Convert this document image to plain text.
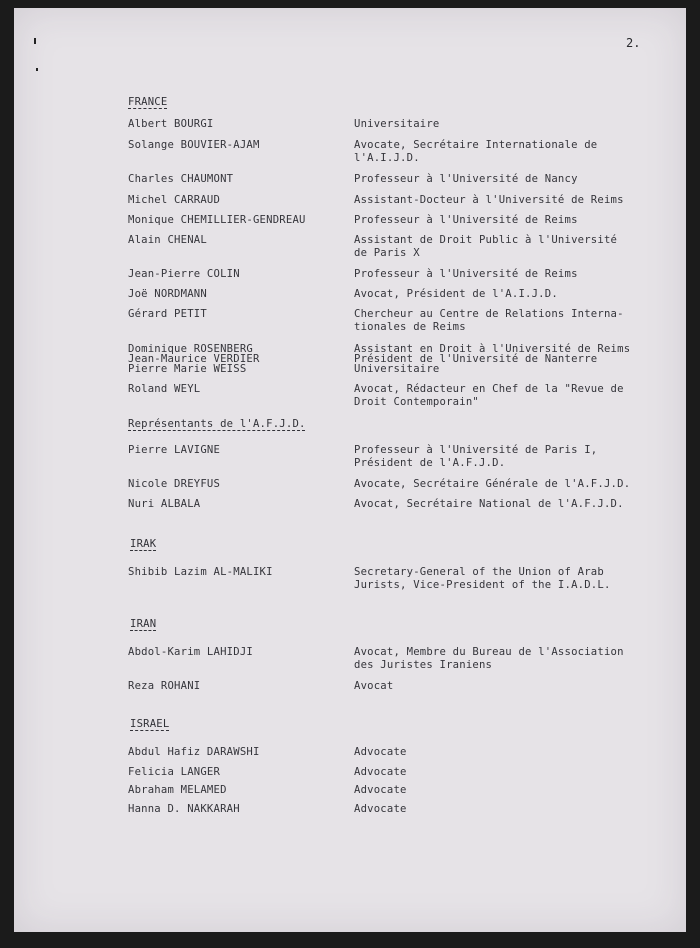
2.
FRANCE
Albert BOURGI	Universitaire
Solange BOUVIER-AJAM	Avocate, Secrétaire Internationale de
l'A.I.J.D.
Charles CHAUMONT	Professeur à l'Université de Nancy
Michel CARRAUD	Assistant-Docteur à l'Université de Reims
Monique CHEMILLIER-GENDREAU	Professeur à l'Université de Reims
Alain CHENAL	Assistant de Droit Public à l'Université
de Paris X
Jean-Pierre COLIN	Professeur à l'Université de Reims
Joë NORDMANN	Avocat, Président de l'A.I.J.D.
Gérard PETIT	Chercheur au Centre de Relations Interna-
tionales de Reims
Dominique ROSENBERG	Assistant en Droit à l'Université de Reims
Jean-Maurice VERDIER	Président de l'Université de Nanterre
Pierre Marie WEISS	Universitaire
Roland WEYL	Avocat, Rédacteur en Chef de la "Revue de
Droit Contemporain"
Représentants de l'A.F.J.D.
Pierre LAVIGNE	Professeur à l'Université de Paris I,
Président de l'A.F.J.D.
Nicole DREYFUS	Avocate, Secrétaire Générale de l'A.F.J.D.
Nuri ALBALA	Avocat, Secrétaire National de l'A.F.J.D.
IRAK
Shibib Lazim AL-MALIKI	Secretary-General of the Union of Arab
Jurists, Vice-President of the I.A.D.L.
IRAN
Abdol-Karim LAHIDJI	Avocat, Membre du Bureau de l'Association
des Juristes Iraniens
Reza ROHANI	Avocat
ISRAEL
Abdul Hafiz DARAWSHI	Advocate
Felicia LANGER	Advocate
Abraham MELAMED	Advocate
Hanna D. NAKKARAH	Advocate
